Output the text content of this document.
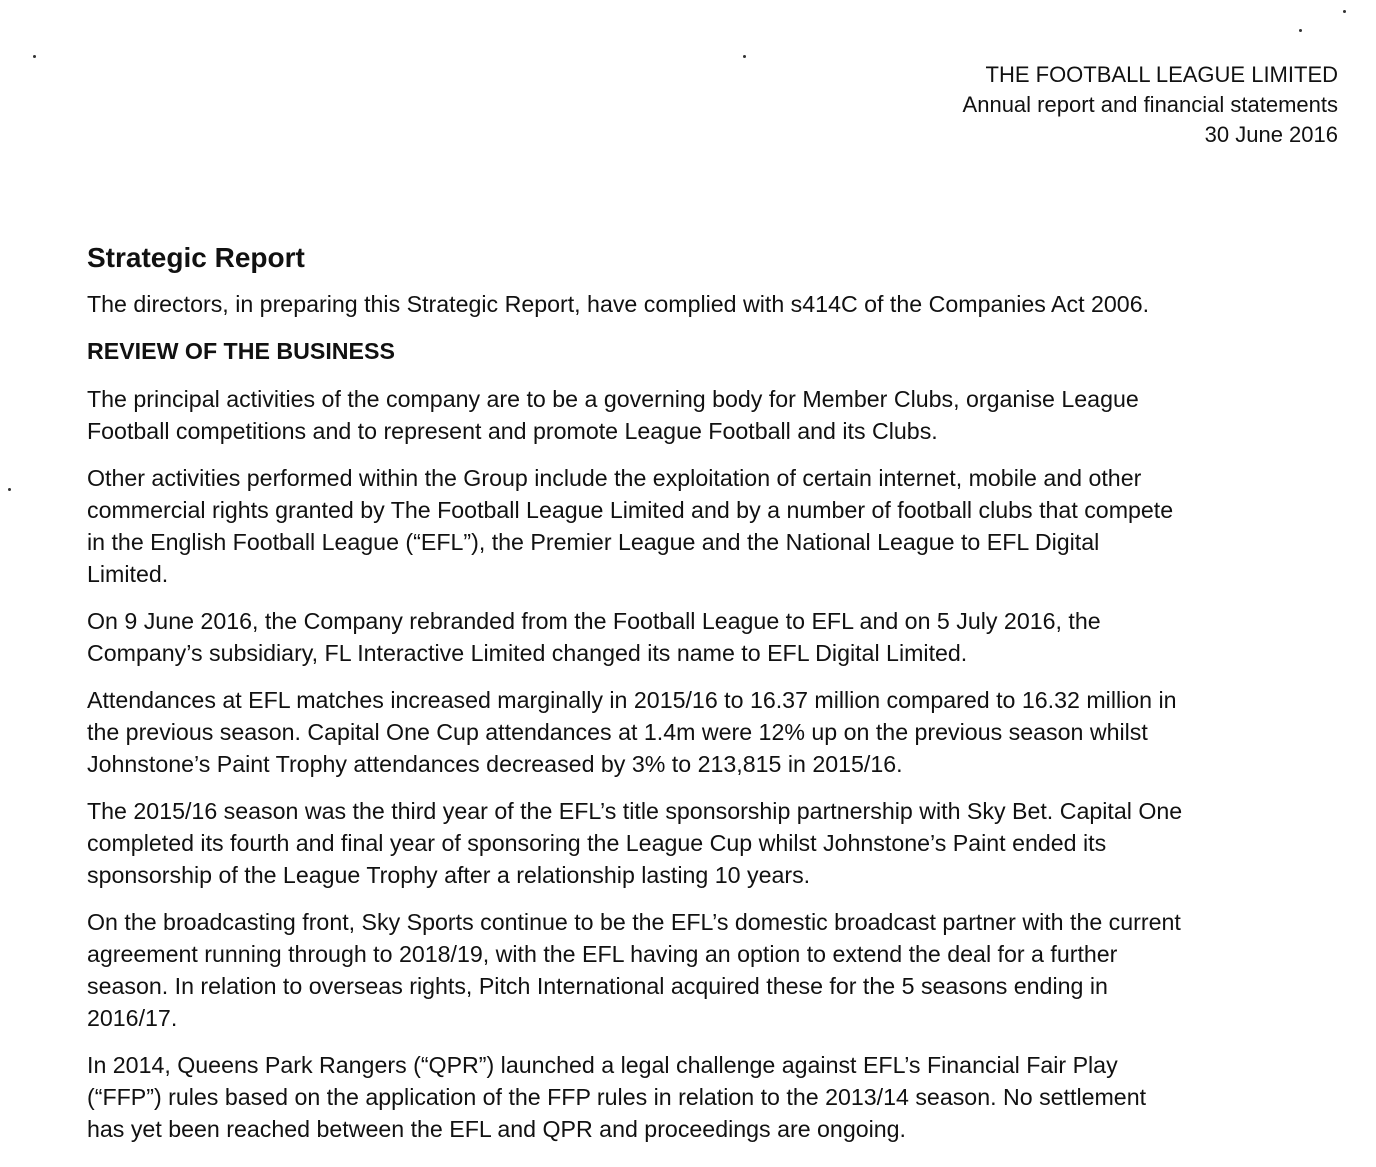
THE FOOTBALL LEAGUE LIMITED
Annual report and financial statements
30 June 2016
Strategic Report
The directors, in preparing this Strategic Report, have complied with s414C of the Companies Act 2006.
REVIEW OF THE BUSINESS
The principal activities of the company are to be a governing body for Member Clubs, organise League
Football competitions and to represent and promote League Football and its Clubs.
Other activities performed within the Group include the exploitation of certain internet, mobile and other
commercial rights granted by The Football League Limited and by a number of football clubs that compete
in the English Football League (“EFL”), the Premier League and the National League to EFL Digital
Limited.
On 9 June 2016, the Company rebranded from the Football League to EFL and on 5 July 2016, the
Company’s subsidiary, FL Interactive Limited changed its name to EFL Digital Limited.
Attendances at EFL matches increased marginally in 2015/16 to 16.37 million compared to 16.32 million in
the previous season. Capital One Cup attendances at 1.4m were 12% up on the previous season whilst
Johnstone’s Paint Trophy attendances decreased by 3% to 213,815 in 2015/16.
The 2015/16 season was the third year of the EFL’s title sponsorship partnership with Sky Bet. Capital One
completed its fourth and final year of sponsoring the League Cup whilst Johnstone’s Paint ended its
sponsorship of the League Trophy after a relationship lasting 10 years.
On the broadcasting front, Sky Sports continue to be the EFL’s domestic broadcast partner with the current
agreement running through to 2018/19, with the EFL having an option to extend the deal for a further
season. In relation to overseas rights, Pitch International acquired these for the 5 seasons ending in
2016/17.
In 2014, Queens Park Rangers (“QPR”) launched a legal challenge against EFL’s Financial Fair Play
(“FFP”) rules based on the application of the FFP rules in relation to the 2013/14 season. No settlement
has yet been reached between the EFL and QPR and proceedings are ongoing.
